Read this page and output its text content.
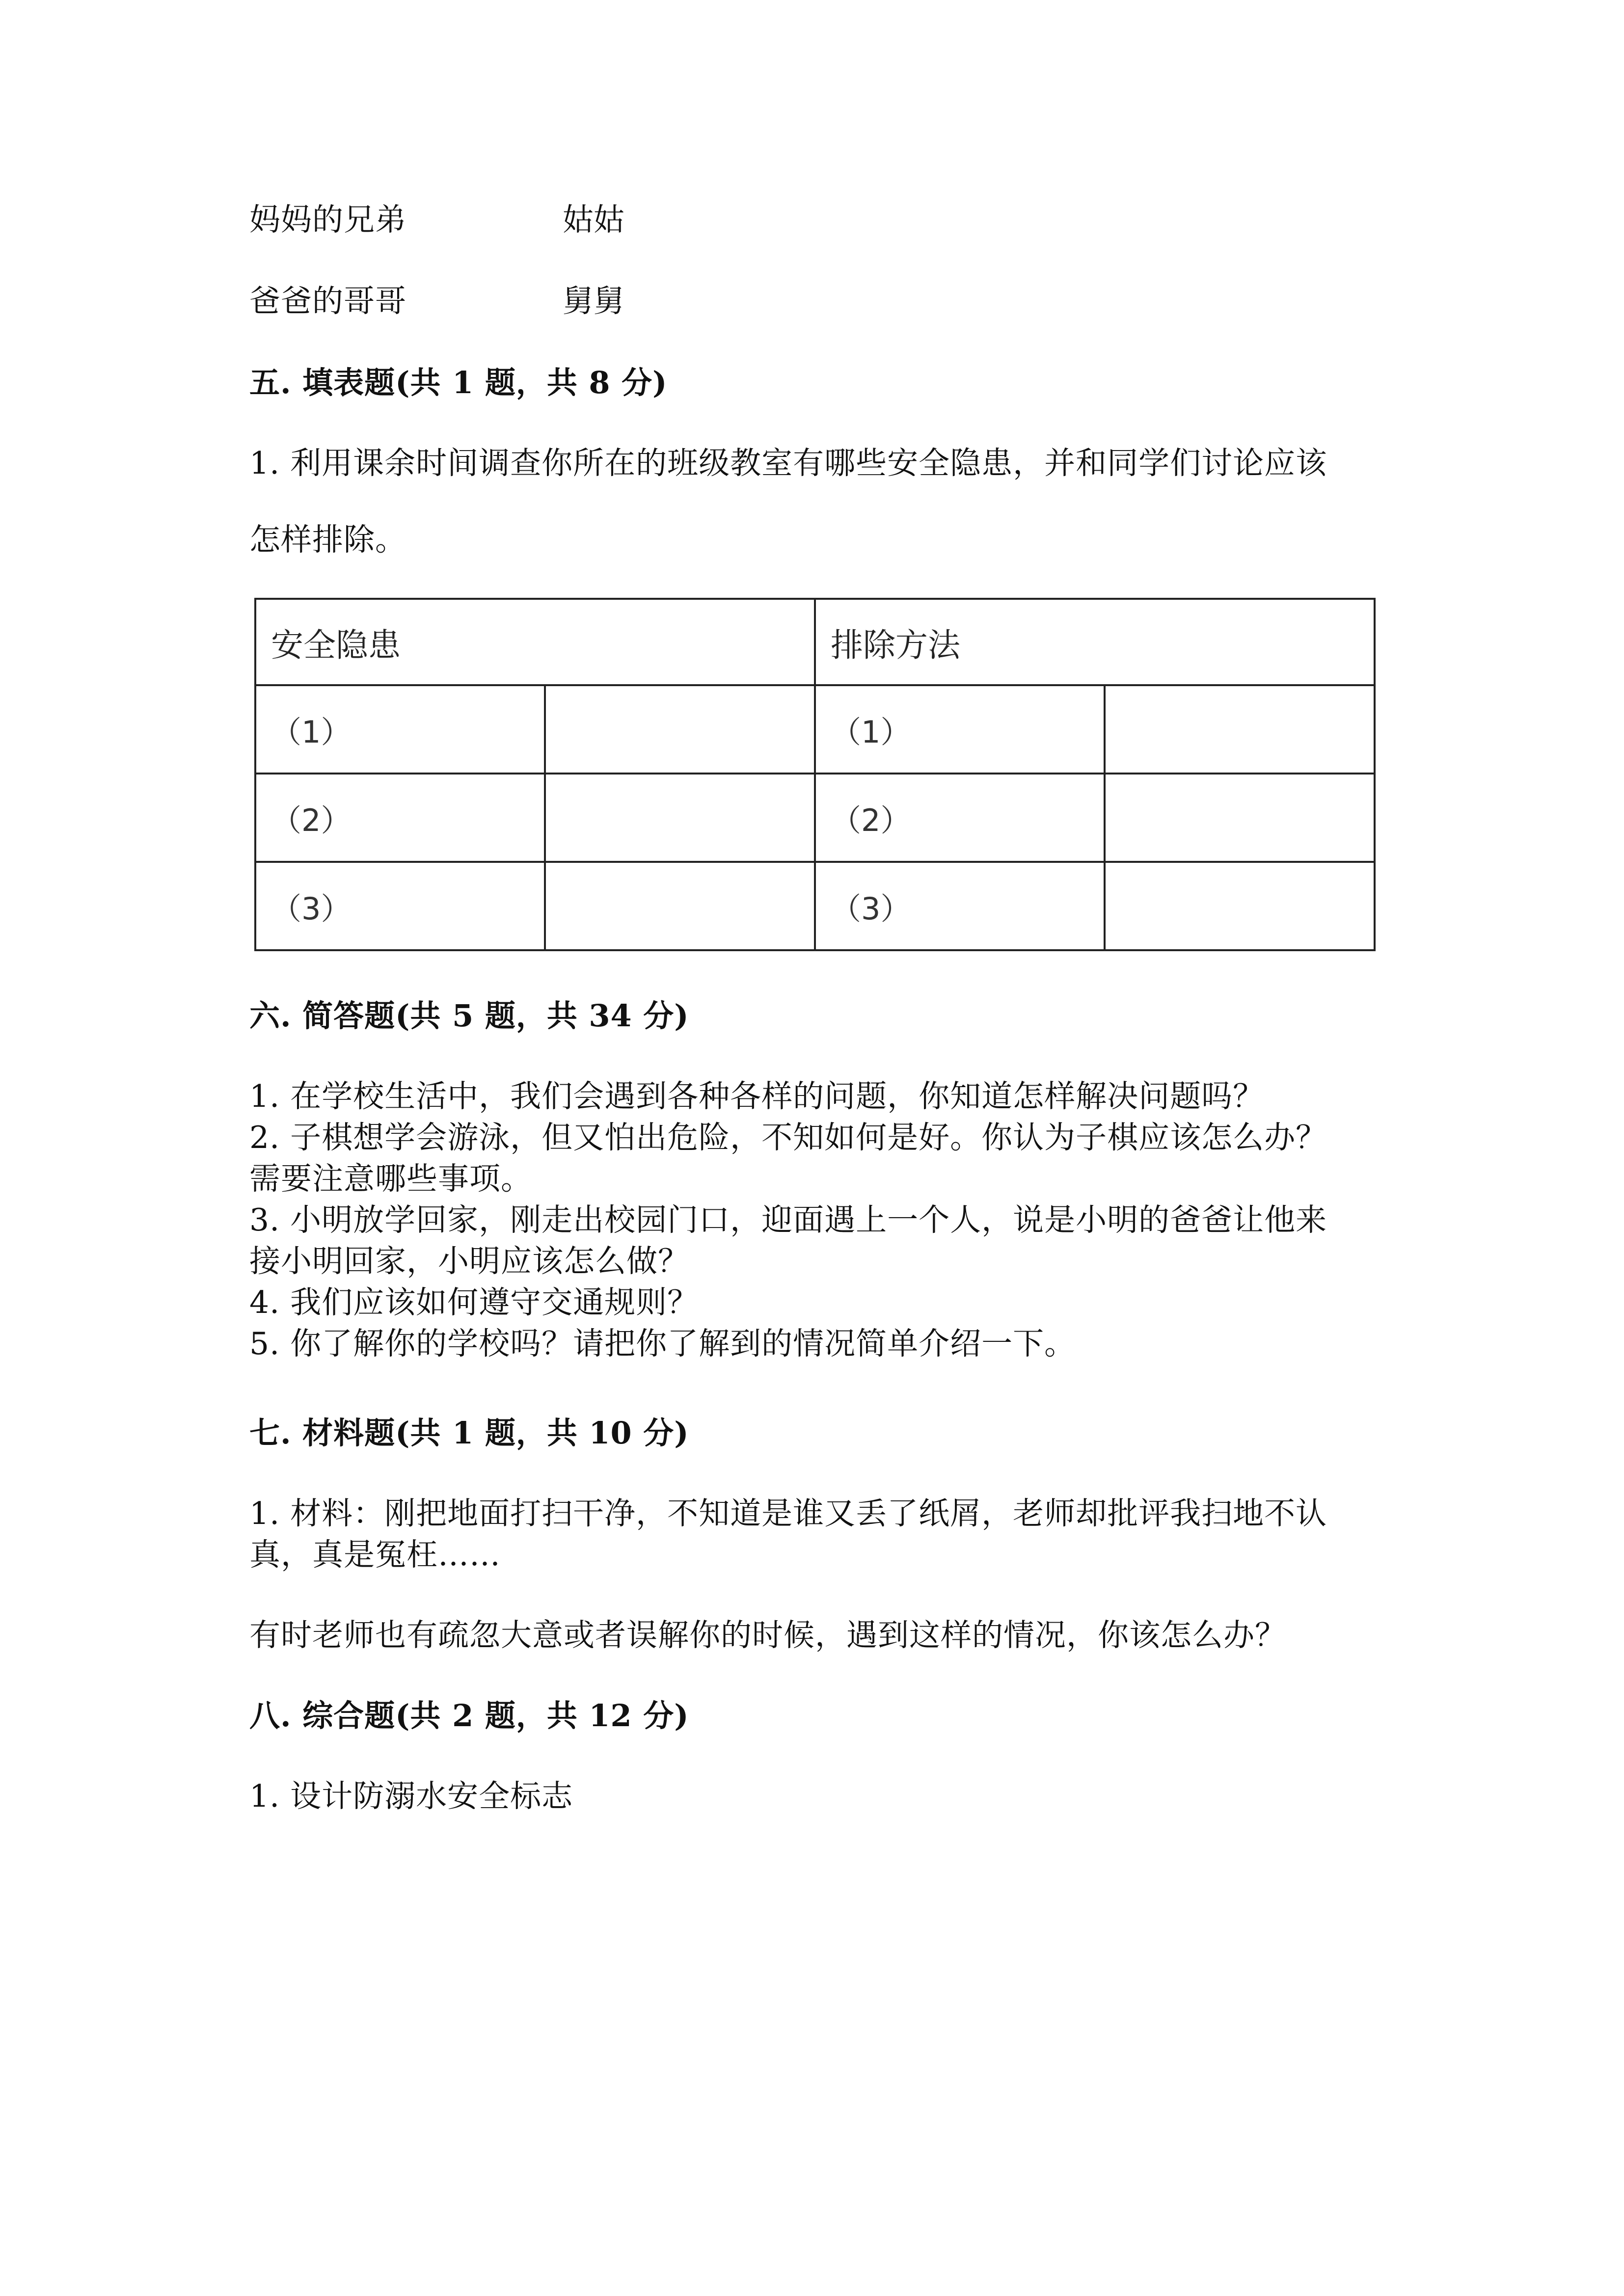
妈妈的兄弟	姑姑
爸爸的哥哥	舅舅
五. 填表题(共 1 题，共 8 分)
1. 利用课余时间调查你所在的班级教室有哪些安全隐患，并和同学们讨论应该
怎样排除。
安全隐患		排除方法	
（1）		（1）	
（2）		（2）	
（3）		（3）	
六. 简答题(共 5 题，共 34 分)
1. 在学校生活中，我们会遇到各种各样的问题，你知道怎样解决问题吗？
2. 子棋想学会游泳，但又怕出危险，不知如何是好。你认为子棋应该怎么办？
需要注意哪些事项。
3. 小明放学回家，刚走出校园门口，迎面遇上一个人，说是小明的爸爸让他来
接小明回家，小明应该怎么做？
4. 我们应该如何遵守交通规则？
5. 你了解你的学校吗？请把你了解到的情况简单介绍一下。
七. 材料题(共 1 题，共 10 分)
1. 材料：刚把地面打扫干净，不知道是谁又丢了纸屑，老师却批评我扫地不认
真，真是冤枉……
有时老师也有疏忽大意或者误解你的时候，遇到这样的情况，你该怎么办？
八. 综合题(共 2 题，共 12 分)
1. 设计防溺水安全标志
